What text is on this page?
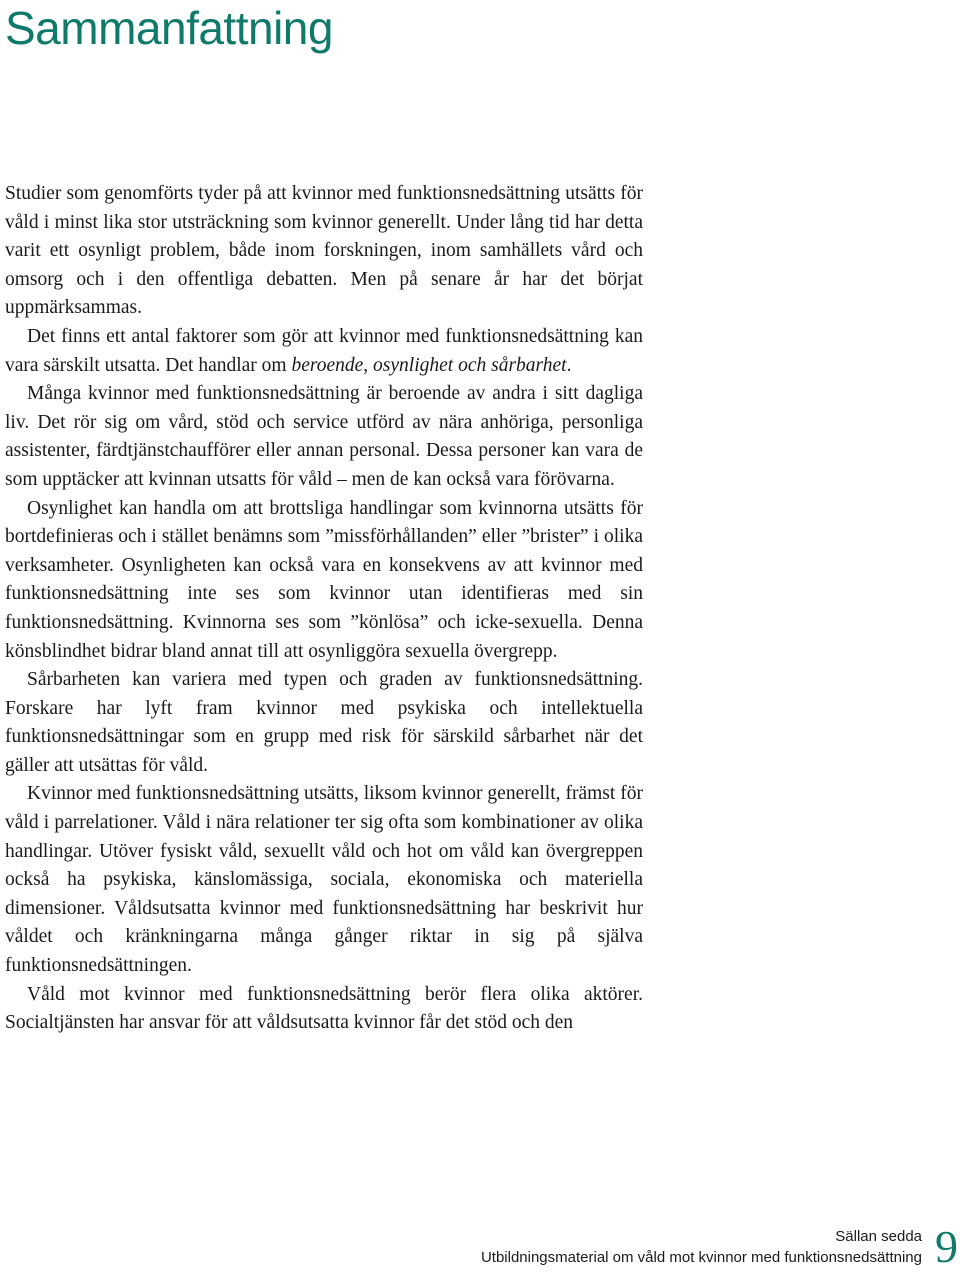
Sammanfattning

Studier som genomförts tyder på att kvinnor med funktionsnedsättning utsätts för våld i minst lika stor utsträckning som kvinnor generellt. Under lång tid har detta varit ett osynligt problem, både inom forskningen, inom samhällets vård och omsorg och i den offentliga debatten. Men på senare år har det börjat uppmärksammas.

Det finns ett antal faktorer som gör att kvinnor med funktionsnedsättning kan vara särskilt utsatta. Det handlar om beroende, osynlighet och sårbarhet.

Många kvinnor med funktionsnedsättning är beroende av andra i sitt dagliga liv. Det rör sig om vård, stöd och service utförd av nära anhöriga, personliga assistenter, färdtjänstchaufförer eller annan personal. Dessa personer kan vara de som upptäcker att kvinnan utsatts för våld – men de kan också vara förövarna.

Osynlighet kan handla om att brottsliga handlingar som kvinnorna utsätts för bortdefinieras och i stället benämns som ”missförhållanden” eller ”brister” i olika verksamheter. Osynligheten kan också vara en konsekvens av att kvinnor med funktionsnedsättning inte ses som kvinnor utan identifieras med sin funktionsnedsättning. Kvinnorna ses som ”könlösa” och icke-sexuella. Denna könsblindhet bidrar bland annat till att osynliggöra sexuella övergrepp.

Sårbarheten kan variera med typen och graden av funktionsnedsättning. Forskare har lyft fram kvinnor med psykiska och intellektuella funktionsnedsättningar som en grupp med risk för särskild sårbarhet när det gäller att utsättas för våld.

Kvinnor med funktionsnedsättning utsätts, liksom kvinnor generellt, främst för våld i parrelationer. Våld i nära relationer ter sig ofta som kombinationer av olika handlingar. Utöver fysiskt våld, sexuellt våld och hot om våld kan övergreppen också ha psykiska, känslomässiga, sociala, ekonomiska och materiella dimensioner. Våldsutsatta kvinnor med funktionsnedsättning har beskrivit hur våldet och kränkningarna många gånger riktar in sig på själva funktionsnedsättningen.

Våld mot kvinnor med funktionsnedsättning berör flera olika aktörer. Socialtjänsten har ansvar för att våldsutsatta kvinnor får det stöd och den

Sällan sedda
Utbildningsmaterial om våld mot kvinnor med funktionsnedsättning 9
